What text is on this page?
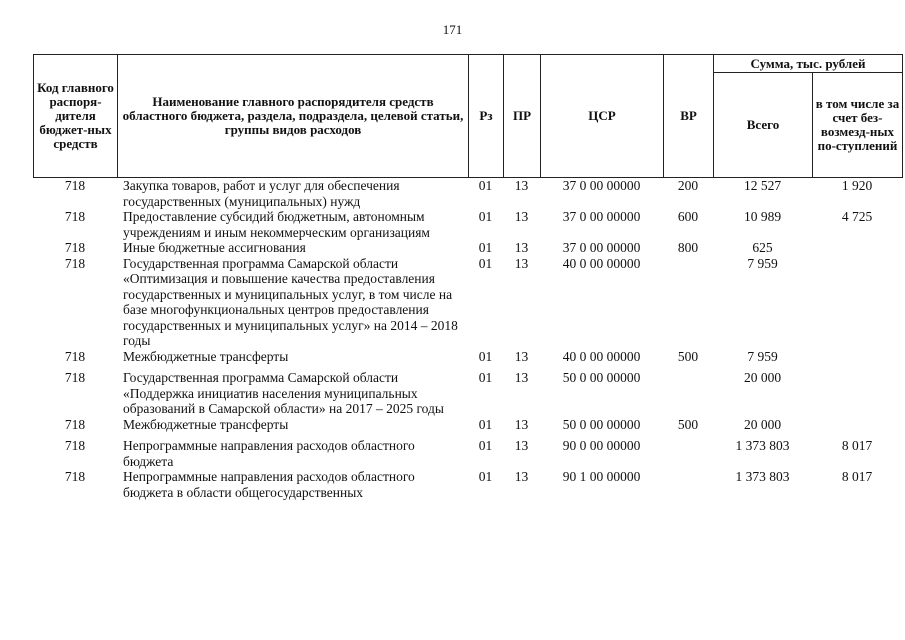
171
Код главного распоря-дителя бюджет-ных средств	Наименование главного распорядителя средств областного бюджета, раздела, подраздела, целевой статьи, группы видов расходов	Рз	ПР	ЦСР	ВР	Сумма, тыс. рублей	
						Всего	в том числе за счет без-возмезд-ных по-ступлений
718	Закупка товаров, работ и услуг для обеспечения государственных (муниципальных) нужд	01	13	37 0 00 00000	200	12 527	1 920
718	Предоставление субсидий бюджетным, автономным учреждениям и иным некоммерческим организациям	01	13	37 0 00 00000	600	10 989	4 725
718	Иные бюджетные ассигнования	01	13	37 0 00 00000	800	625	
718	Государственная программа Самарской области «Оптимизация и повышение качества предоставления государственных и муниципальных услуг, в том числе на базе многофункциональных центров предоставления государственных и муниципальных услуг» на 2014 – 2018 годы	01	13	40 0 00 00000		7 959	
718	Межбюджетные трансферты	01	13	40 0 00 00000	500	7 959	
718	Государственная программа Самарской области «Поддержка инициатив населения муниципальных образований в Самарской области» на 2017 – 2025 годы	01	13	50 0 00 00000		20 000	
718	Межбюджетные трансферты	01	13	50 0 00 00000	500	20 000	
718	Непрограммные направления расходов областного бюджета	01	13	90 0 00 00000		1 373 803	8 017
718	Непрограммные направления расходов областного бюджета в области общегосударственных	01	13	90 1 00 00000		1 373 803	8 017
